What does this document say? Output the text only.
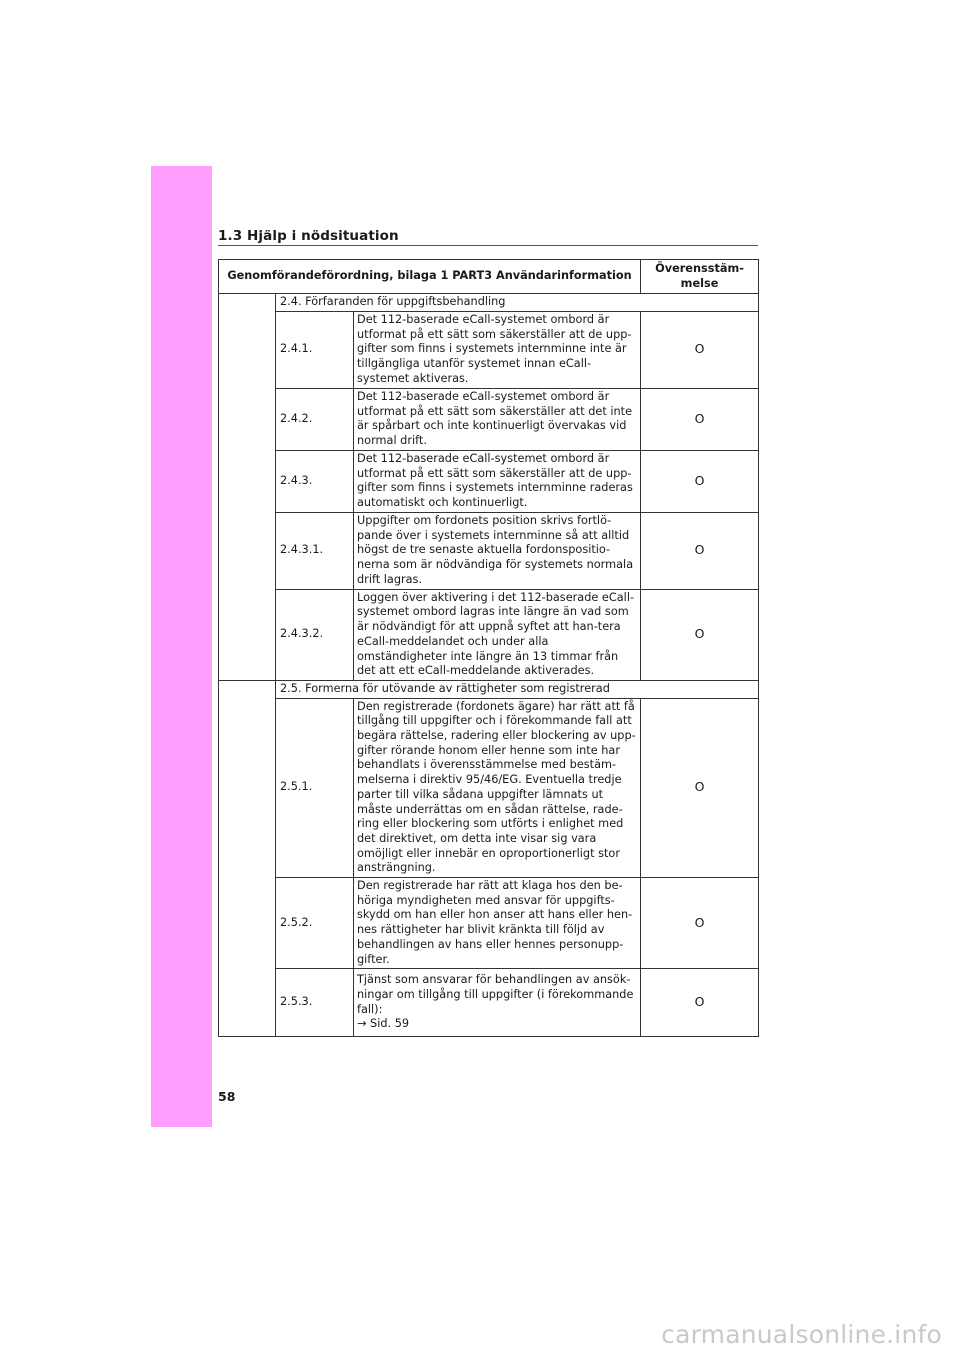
1.3 Hjälp i nödsituation
Genomförandeförordning, bilaga 1 PART3 Användarinformation			Överensstäm-
melse
	2.4. Förfaranden för uppgiftsbehandling		
	2.4.1.	Det 112-baserade eCall-systemet ombord är utformat på ett sätt som säkerställer att de upp-gifter som finns i systemets internminne inte är tillgängliga utanför systemet innan eCall-systemet aktiveras.	O
	2.4.2.	Det 112-baserade eCall-systemet ombord är utformat på ett sätt som säkerställer att det inte är spårbart och inte kontinuerligt övervakas vid normal drift.	O
	2.4.3.	Det 112-baserade eCall-systemet ombord är utformat på ett sätt som säkerställer att de upp-gifter som finns i systemets internminne raderas automatiskt och kontinuerligt.	O
	2.4.3.1.	Uppgifter om fordonets position skrivs fortlö-pande över i systemets internminne så att alltid högst de tre senaste aktuella fordonspositio-nerna som är nödvändiga för systemets normala drift lagras.	O
	2.4.3.2.	Loggen över aktivering i det 112-baserade eCall-systemet ombord lagras inte längre än vad som är nödvändigt för att uppnå syftet att han-tera eCall-meddelandet och under alla omständigheter inte längre än 13 timmar från det att ett eCall-meddelande aktiverades.	O
	2.5. Formerna för utövande av rättigheter som registrerad		
	2.5.1.	Den registrerade (fordonets ägare) har rätt att få tillgång till uppgifter och i förekommande fall att begära rättelse, radering eller blockering av upp-gifter rörande honom eller henne som inte har behandlats i överensstämmelse med bestäm-melserna i direktiv 95/46/EG. Eventuella tredje parter till vilka sådana uppgifter lämnats ut måste underrättas om en sådan rättelse, rade-ring eller blockering som utförts i enlighet med det direktivet, om detta inte visar sig vara omöjligt eller innebär en oproportionerligt stor ansträngning.	O
	2.5.2.	Den registrerade har rätt att klaga hos den be-höriga myndigheten med ansvar för uppgifts-skydd om han eller hon anser att hans eller hen-nes rättigheter har blivit kränkta till följd av behandlingen av hans eller hennes personupp-gifter.	O
	2.5.3.	Tjänst som ansvarar för behandlingen av ansök-ningar om tillgång till uppgifter (i förekommande fall):
→ Sid. 59	O
58
carmanualsonline.info
